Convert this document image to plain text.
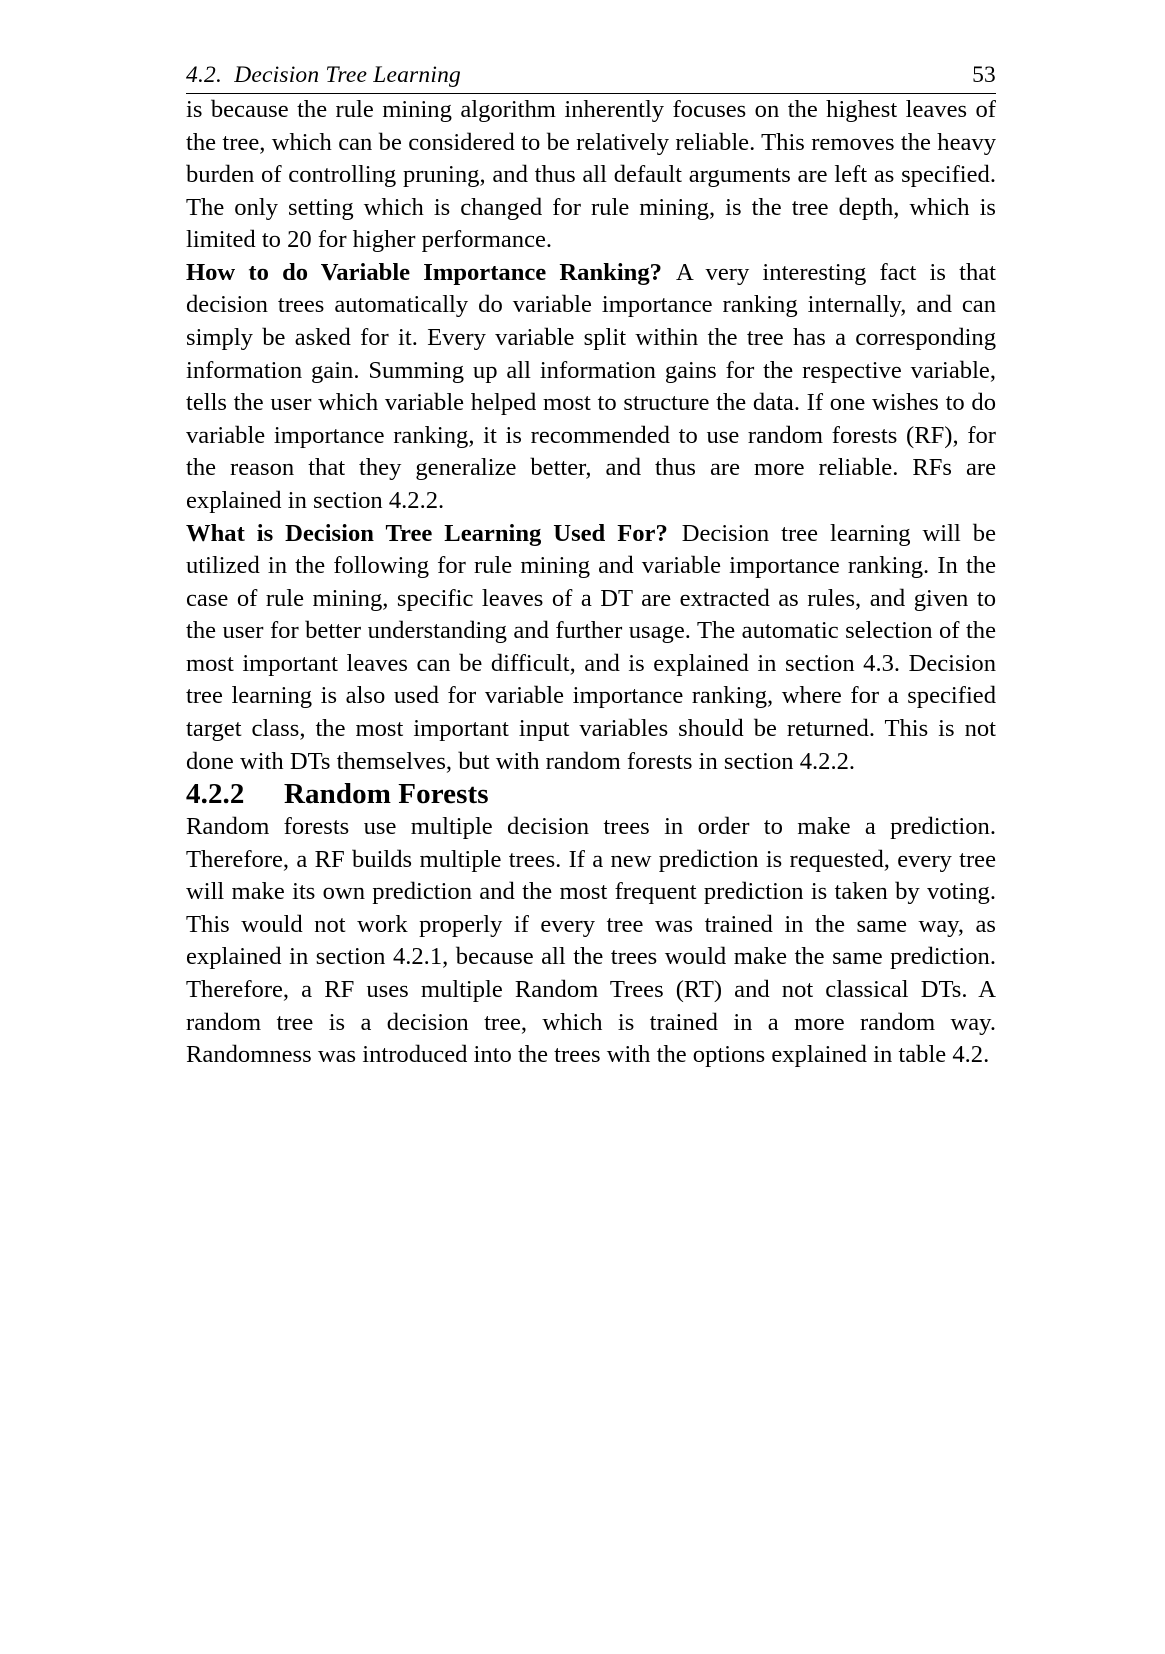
4.2.  Decision Tree Learning	53

is because the rule mining algorithm inherently focuses on the highest leaves of the tree, which can be considered to be relatively reliable. This removes the heavy burden of controlling pruning, and thus all default arguments are left as specified. The only setting which is changed for rule mining, is the tree depth, which is limited to 20 for higher performance.

How to do Variable Importance Ranking? A very interesting fact is that decision trees automatically do variable importance ranking internally, and can simply be asked for it. Every variable split within the tree has a corresponding information gain. Summing up all information gains for the respective variable, tells the user which variable helped most to structure the data. If one wishes to do variable importance ranking, it is recommended to use random forests (RF), for the reason that they generalize better, and thus are more reliable. RFs are explained in section 4.2.2.

What is Decision Tree Learning Used For? Decision tree learning will be utilized in the following for rule mining and variable importance ranking. In the case of rule mining, specific leaves of a DT are extracted as rules, and given to the user for better understanding and further usage. The automatic selection of the most important leaves can be difficult, and is explained in section 4.3. Decision tree learning is also used for variable importance ranking, where for a specified target class, the most important input variables should be returned. This is not done with DTs themselves, but with random forests in section 4.2.2.

4.2.2 Random Forests

Random forests use multiple decision trees in order to make a prediction. Therefore, a RF builds multiple trees. If a new prediction is requested, every tree will make its own prediction and the most frequent prediction is taken by voting. This would not work properly if every tree was trained in the same way, as explained in section 4.2.1, because all the trees would make the same prediction. Therefore, a RF uses multiple Random Trees (RT) and not classical DTs. A random tree is a decision tree, which is trained in a more random way. Randomness was introduced into the trees with the options explained in table 4.2.
